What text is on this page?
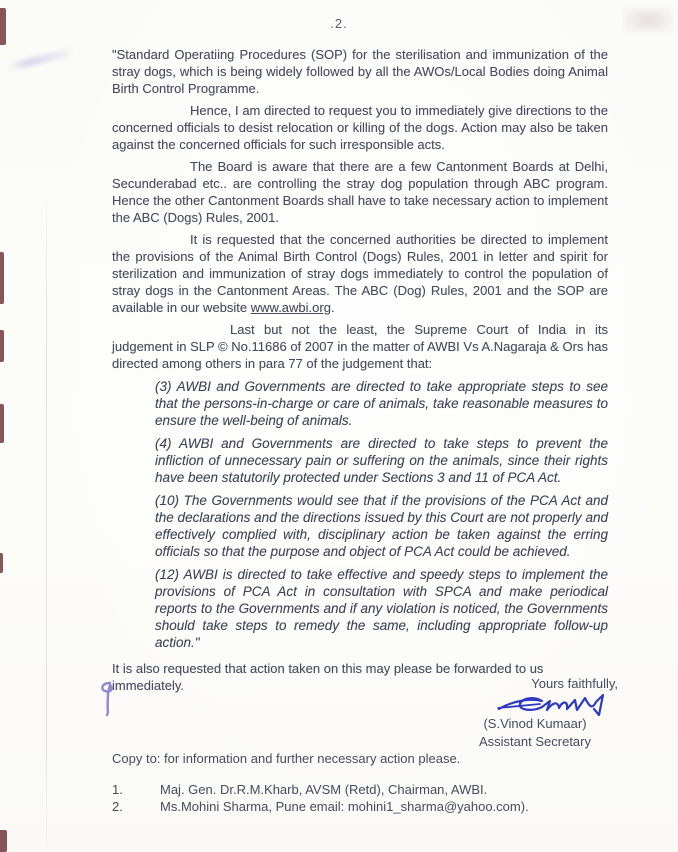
.2.

"Standard Operatiing Procedures (SOP) for the sterilisation and immunization of the stray dogs, which is being widely followed by all the AWOs/Local Bodies doing Animal Birth Control Programme.

Hence, I am directed to request you to immediately give directions to the concerned officials to desist relocation or killing of the dogs. Action may also be taken against the concerned officials for such irresponsible acts.

The Board is aware that there are a few Cantonment Boards at Delhi, Secunderabad etc.. are controlling the stray dog population through ABC program. Hence the other Cantonment Boards shall have to take necessary action to implement the ABC (Dogs) Rules, 2001.

It is requested that the concerned authorities be directed to implement the provisions of the Animal Birth Control (Dogs) Rules, 2001 in letter and spirit for sterilization and immunization of stray dogs immediately to control the population of stray dogs in the Cantonment Areas. The ABC (Dog) Rules, 2001 and the SOP are available in our website www.awbi.org.

Last but not the least, the Supreme Court of India in its judgement in SLP © No.11686 of 2007 in the matter of AWBI Vs A.Nagaraja & Ors has directed among others in para 77 of the judgement that:

(3) AWBI and Governments are directed to take appropriate steps to see that the persons-in-charge or care of animals, take reasonable measures to ensure the well-being of animals.

(4) AWBI and Governments are directed to take steps to prevent the infliction of unnecessary pain or suffering on the animals, since their rights have been statutorily protected under Sections 3 and 11 of PCA Act.

(10) The Governments would see that if the provisions of the PCA Act and the declarations and the directions issued by this Court are not properly and effectively complied with, disciplinary action be taken against the erring officials so that the purpose and object of PCA Act could be achieved.

(12) AWBI is directed to take effective and speedy steps to implement the provisions of PCA Act in consultation with SPCA and make periodical reports to the Governments and if any violation is noticed, the Governments should take steps to remedy the same, including appropriate follow-up action."

It is also requested that action taken on this may please be forwarded to us immediately.	Yours faithfully,
(S.Vinod Kumaar)
Assistant Secretary
Copy to: for information and further necessary action please.
1.	Maj. Gen. Dr.R.M.Kharb, AVSM (Retd), Chairman, AWBI.
2.	Ms.Mohini Sharma, Pune email: mohini1_sharma@yahoo.com).
